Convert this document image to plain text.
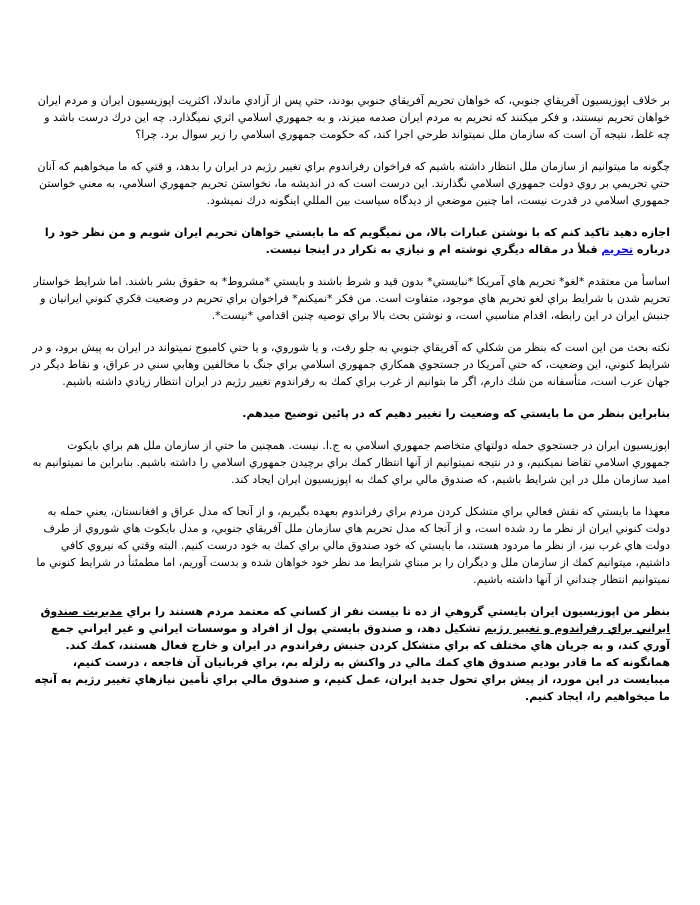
بر خلاف اپوزيسيون آفريقاي جنوبي، كه خواهان تحريم آفريقاي جنوبي بودند، حتي پس از آزادي ماندلا، اكثريت اپوزيسيون ايران و مردم ايران خواهان تحريم نيستند، و فكر ميكنند كه تحريم به مردم ايران صدمه ميزند، و به جمهوري اسلامي اثري نميگذارد. چه اين درك درست باشد و چه غلط، نتيجه آن است كه سازمان ملل نميتواند طرحي اجرا كند، كه حكومت جمهوري اسلامي را زير سوال برد. چرا؟

چگونه ما ميتوانيم از سازمان ملل انتظار داشته باشيم كه فراخوان رفراندوم براي تغيير رژيم در ايران را بدهد، و قتي كه ما ميخواهيم كه آنان حتي تحريمي بر روي دولت جمهوري اسلامي نگذارند. اين درست است كه در انديشه ما، نخواستن تحريم جمهوري اسلامي، به معني خواستن جمهوري اسلامي در قدرت نيست، اما چنين موضعي از ديدگاه سياست بين المللي اينگونه درك نميشود.

اجازه دهيد تاكيد كنم كه با نوشتن عبارات بالا، من نميگويم كه ما بايستي خواهان تحريم ايران شويم و من نظر خود را درباره تحريم قبلأ در مقاله ديگري نوشته ام و نيازي به تكرار در اينجا نيست.

اساسأ من معتقدم *لغو* تحريم هاي آمريكا *نبايستي* بدون قيد و شرط باشند و بايستي *مشروط* به حقوق بشر باشند. اما شرايط خواستار تحريم شدن با شرايط براي لغو تحريم هاي موجود، متفاوت است. من فكر *نميكنم* فراخوان براي تحريم در وضعيت فكري كنوني ايرانيان و جنبش ايران در اين رابطه، اقدام مناسبي است، و نوشتن بحث بالا براي توصيه چنين اقدامي *نيست*.

نكته بحث من اين است كه بنظر من شكلي كه آفريقاي جنوبي به جلو رفت، و يا شوروي، و يا حتي كامبوج نميتواند در ايران به پيش برود، و در شرايط كنوني، اين وضعيت، كه حتي آمريكا در جستجوي همكاري جمهوري اسلامي براي جنگ با مخالفين وهابي سني در عراق، و نقاط ديگر در جهان عرب است، متأسفانه من شك دارم، اگر ما بتوانيم از غرب براي كمك به رفراندوم تغيير رژيم در ايران انتظار زيادي داشته باشيم.

بنابراين بنظر من ما بايستي كه وضعيت را تغيير دهيم كه در پائين توضيح ميدهم.

اپوزيسيون ايران در جستجوي حمله دولتهاي متخاصم جمهوري اسلامي به ج.ا. نيست. همچنين ما حتي از سازمان ملل هم براي بايكوت جمهوري اسلامي تقاضا نميكنيم، و در نتيجه نميتوانيم از آنها انتظار كمك براي برچيدن جمهوري اسلامي را داشته باشيم. بنابراين ما نميتوانيم به اميد سازمان ملل در اين شرايط باشيم، كه صندوق مالي براي كمك به اپوزيسيون ايران ايجاد كند.

معهذا ما بايستي كه نقش فعالي براي متشكل كردن مردم براي رفراندوم بعهده بگيريم، و از آنجا كه مدل عراق و افغانستان، يعني حمله به دولت كنوني ايران از نظر ما رد شده است، و از آنجا كه مدل تحريم هاي سازمان ملل آفريقاي جنوبي، و مدل بايكوت هاي شوروي از طرف دولت هاي غرب نيز، از نظر ما مردود هستند، ما بايستي كه خود صندوق مالي براي كمك به خود درست كنيم. البته وقتي كه نيروي كافي داشتيم، ميتوانيم كمك از سازمان ملل و ديگران را بر مبناي شرايط مد نظر خود خواهان شده و بدست آوريم، اما مطمئنأ در شرايط كنوني ما نميتوانيم انتظار چنداني از آنها داشته باشيم.

بنظر من اپوزيسيون ايران بايستي گروهي از ده تا بيست نفر از كساني كه معتمد مردم هستند را براي مديريت صندوق ايراني براي رفراندوم و تغيير رژيم تشكيل دهد، و صندوق بايستي پول از افراد و موسسات ايراني و غير ايراني جمع آوري كند، و به جريان هاي مختلف كه براي متشكل كردن جنبش رفراندوم در ايران و خارج فعال هستند، كمك كند. همانگونه كه ما قادر بوديم صندوق هاي كمك مالي در واكنش به زلزله بم، براي قربانيان آن فاجعه ، درست كنيم، ميبايست در اين مورد، از پيش براي تحول جديد ايران، عمل كنيم، و صندوق مالي براي تأمين نيازهاي تغيير رژيم به آنچه ما ميخواهيم را، ايجاد كنيم.
